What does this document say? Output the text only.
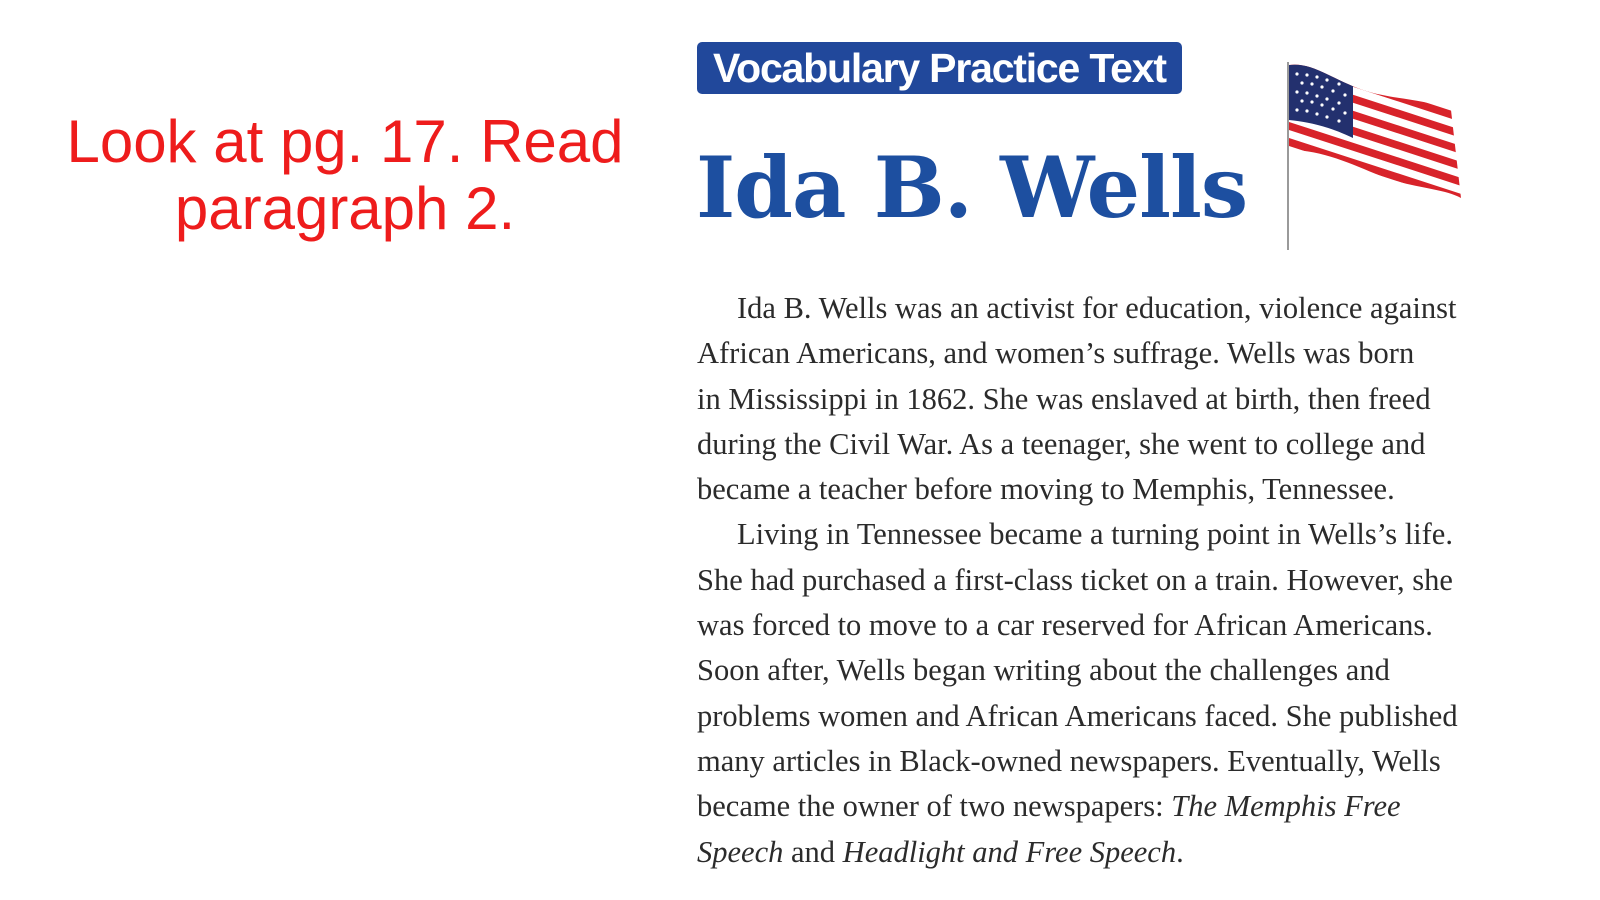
Look at pg. 17. Read
paragraph 2.
Vocabulary Practice Text
Ida B. Wells

Ida B. Wells was an activist for education, violence against
African Americans, and women’s suffrage. Wells was born
in Mississippi in 1862. She was enslaved at birth, then freed
during the Civil War. As a teenager, she went to college and
became a teacher before moving to Memphis, Tennessee.

Living in Tennessee became a turning point in Wells’s life.
She had purchased a first-class ticket on a train. However, she
was forced to move to a car reserved for African Americans.
Soon after, Wells began writing about the challenges and
problems women and African Americans faced. She published
many articles in Black-owned newspapers. Eventually, Wells
became the owner of two newspapers: The Memphis Free
Speech and Headlight and Free Speech.
